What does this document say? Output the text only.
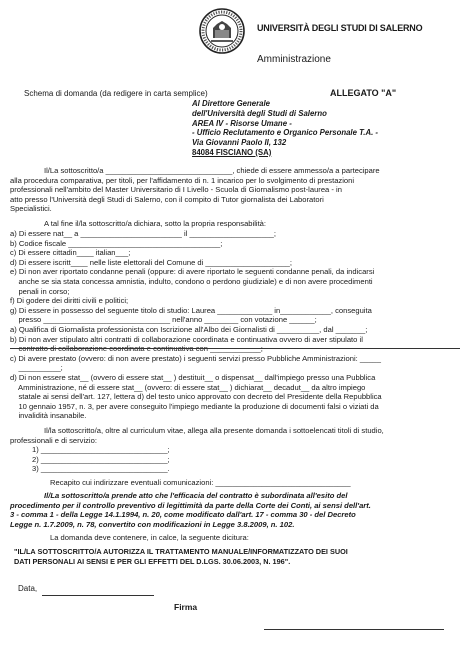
UNIVERSITÀ DEGLI STUDI DI SALERNO
Amministrazione
Schema di domanda (da redigere in carta semplice)	ALLEGATO "A"
Al Direttore Generale
dell'Università degli Studi di Salerno
AREA IV - Risorse Umane -
- Ufficio Reclutamento e Organico Personale T.A. -
Via Giovanni Paolo II, 132
84084 FISCIANO (SA)
Il/La sottoscritto/a ______________________________, chiede di essere ammesso/a a partecipare
alla procedura comparativa, per titoli, per l'affidamento di n. 1 incarico per lo svolgimento di prestazioni
professionali nell'ambito del Master Universitario di I Livello - Scuola di Giornalismo post-laurea - in
atto presso l'Università degli Studi di Salerno, con il compito di Tutor giornalista dei Laboratori
Specialistici.
A tal fine il/la sottoscritto/a dichiara, sotto la propria responsabilità:
a) Di essere nat__ a ________________________ il ____________________;
b) Codice fiscale ____________________________________;
c) Di essere cittadin____ italian___;
d) Di essere iscritt____ nelle liste elettorali del Comune di ____________________;
e) Di non aver riportato condanne penali (oppure: di avere riportato le seguenti condanne penali, da indicarsi
anche se sia stata concessa amnistia, indulto, condono o perdono giudiziale) e di non avere procedimenti
penali in corso;
f) Di godere dei diritti civili e politici;
g) Di essere in possesso del seguente titolo di studio: Laurea _____________ in____________, conseguita
presso ______________________________ nell'anno ________ con votazione ______;
a) Qualifica di Giornalista professionista con Iscrizione all'Albo dei Giornalisti di __________, dal _______;
b) Di non aver stipulato altri contratti di collaborazione coordinata e continuativa ovvero di aver stipulato il
contratto di collaborazione coordinata e continuativa con ____________;
c) Di avere prestato (ovvero: di non avere prestato) i seguenti servizi presso Pubbliche Amministrazioni: _____
__________;
d) Di non essere stat__ (ovvero di essere stat__ ) destituit__ o dispensat__ dall'impiego presso una Pubblica
Amministrazione, né di essere stat__ (ovvero: di essere stat__ ) dichiarat__ decadut__ da altro impiego
statale ai sensi dell'art. 127, lettera d) del testo unico approvato con decreto del Presidente della Repubblica
10 gennaio 1957, n. 3, per avere conseguito l'impiego mediante la produzione di documenti falsi o viziati da
invalidità insanabile.
Il/la sottoscritto/a, oltre al curriculum vitae, allega alla presente domanda i sottoelencati titoli di studio,
professionali e di servizio:
1) ______________________________;
2) ______________________________;
3) ______________________________.
Recapito cui indirizzare eventuali comunicazioni: ________________________________
Il/La sottoscritto/a prende atto che l'efficacia del contratto è subordinata all'esito del
procedimento per il controllo preventivo di legittimità da parte della Corte dei Conti, ai sensi dell'art.
3 - comma 1 - della Legge 14.1.1994, n. 20, come modificato dall'art. 17 - comma 30 - del Decreto
Legge n. 1.7.2009, n. 78, convertito con modificazioni in Legge 3.8.2009, n. 102.
La domanda deve contenere, in calce, la seguente dicitura:
"IL/LA SOTTOSCRITTO/A AUTORIZZA IL TRATTAMENTO MANUALE/INFORMATIZZATO DEI SUOI
DATI PERSONALI AI SENSI E PER GLI EFFETTI DEL D.LGS. 30.06.2003, N. 196".
Data,
Firma
